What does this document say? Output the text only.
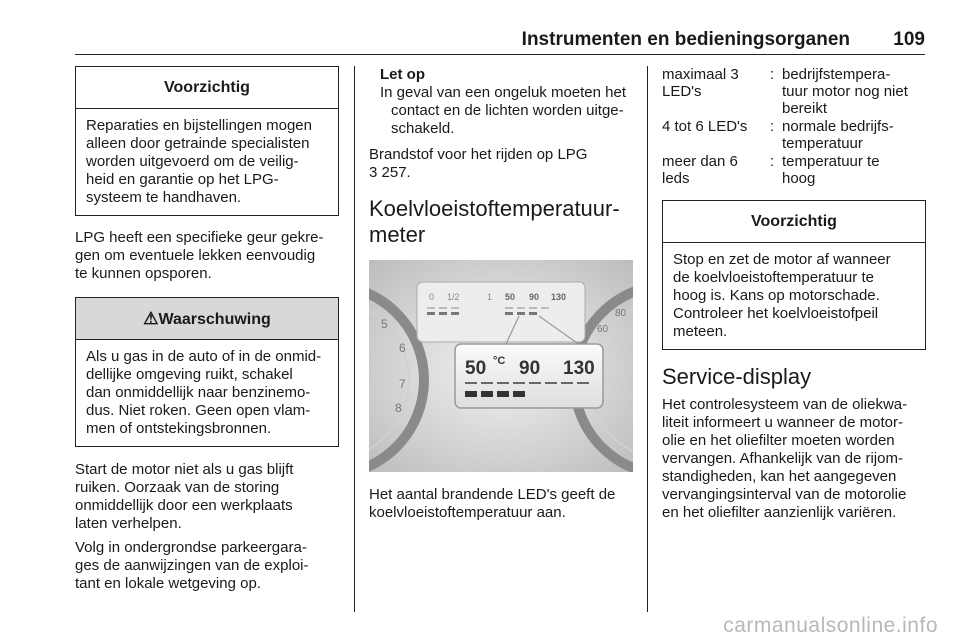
Instrumenten en bedieningsorganen 109
Voorzichtig
Reparaties en bijstellingen mogen
alleen door getrainde specialisten
worden uitgevoerd om de veilig-
heid en garantie op het LPG-
systeem te handhaven.

LPG heeft een specifieke geur gekre-
gen om eventuele lekken eenvoudig
te kunnen opsporen.

⚠Waarschuwing
Als u gas in de auto of in de onmid-
dellijke omgeving ruikt, schakel
dan onmiddellijk naar benzinemo-
dus. Niet roken. Geen open vlam-
men of ontstekingsbronnen.

Start de motor niet als u gas blijft
ruiken. Oorzaak van de storing
onmiddellijk door een werkplaats
laten verhelpen.

Volg in ondergrondse parkeergara-
ges de aanwijzingen van de exploi-
tant en lokale wetgeving op.

Let op
In geval van een ongeluk moeten het
contact en de lichten worden uitge-
schakeld.

Brandstof voor het rijden op LPG
3 257.

Koelvloeistoftemperatuur-
meter
5
6
7
8
60
80
0 1/2	1 50 90 130
50 90 130
°C

Het aantal brandende LED's geeft de
koelvloeistoftemperatuur aan.

maximaal 3
LED's	:	bedrijfstempera-
tuur motor nog niet
bereikt
4 tot 6 LED's	:	normale bedrijfs-
temperatuur
meer dan 6 leds	:	temperatuur te
hoog
Voorzichtig
Stop en zet de motor af wanneer
de koelvloeistoftemperatuur te
hoog is. Kans op motorschade.
Controleer het koelvloeistofpeil
meteen.
Service-display

Het controlesysteem van de oliekwa-
liteit informeert u wanneer de motor-
olie en het oliefilter moeten worden
vervangen. Afhankelijk van de rijom-
standigheden, kan het aangegeven
vervangingsinterval van de motorolie
en het oliefilter aanzienlijk variëren.

carmanualsonline.info
